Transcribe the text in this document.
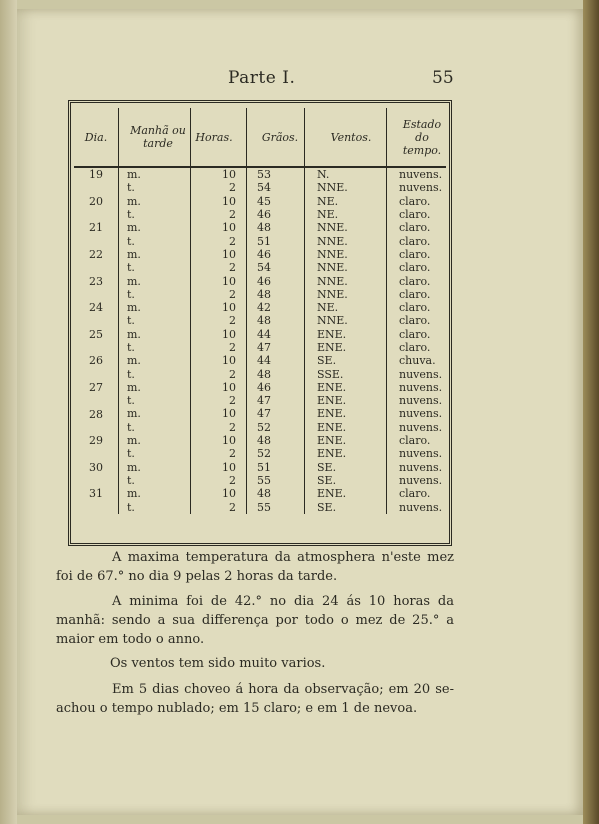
Parte I.	55
Dia.	Manhã ou tarde	Horas.	Grãos.	Ventos.	Estado do tempo.
19	m.	10	53	N.	nuvens.
	t.	2	54	NNE.	nuvens.
20	m.	10	45	NE.	claro.
	t.	2	46	NE.	claro.
21	m.	10	48	NNE.	claro.
	t.	2	51	NNE.	claro.
22	m.	10	46	NNE.	claro.
	t.	2	54	NNE.	claro.
23	m.	10	46	NNE.	claro.
	t.	2	48	NNE.	claro.
24	m.	10	42	NE.	claro.
	t.	2	48	NNE.	claro.
25	m.	10	44	ENE.	claro.
	t.	2	47	ENE.	claro.
26	m.	10	44	SE.	chuva.
	t.	2	48	SSE.	nuvens.
27	m.	10	46	ENE.	nuvens.
	t.	2	47	ENE.	nuvens.
28	m.	10	47	ENE.	nuvens.
	t.	2	52	ENE.	nuvens.
29	m.	10	48	ENE.	claro.
	t.	2	52	ENE.	nuvens.
30	m.	10	51	SE.	nuvens.
	t.	2	55	SE.	nuvens.
31	m.	10	48	ENE.	claro.
	t.	2	55	SE.	nuvens.

A maxima temperatura da atmosphera n'este mez foi de 67.° no dia 9 pelas 2 horas da tarde.

A minima foi de 42.° no dia 24 ás 10 horas da manhã: sendo a sua differença por todo o mez de 25.° a maior em todo o anno.

Os ventos tem sido muito varios.

Em 5 dias choveo á hora da observação; em 20 se-achou o tempo nublado; em 15 claro; e em 1 de nevoa.
